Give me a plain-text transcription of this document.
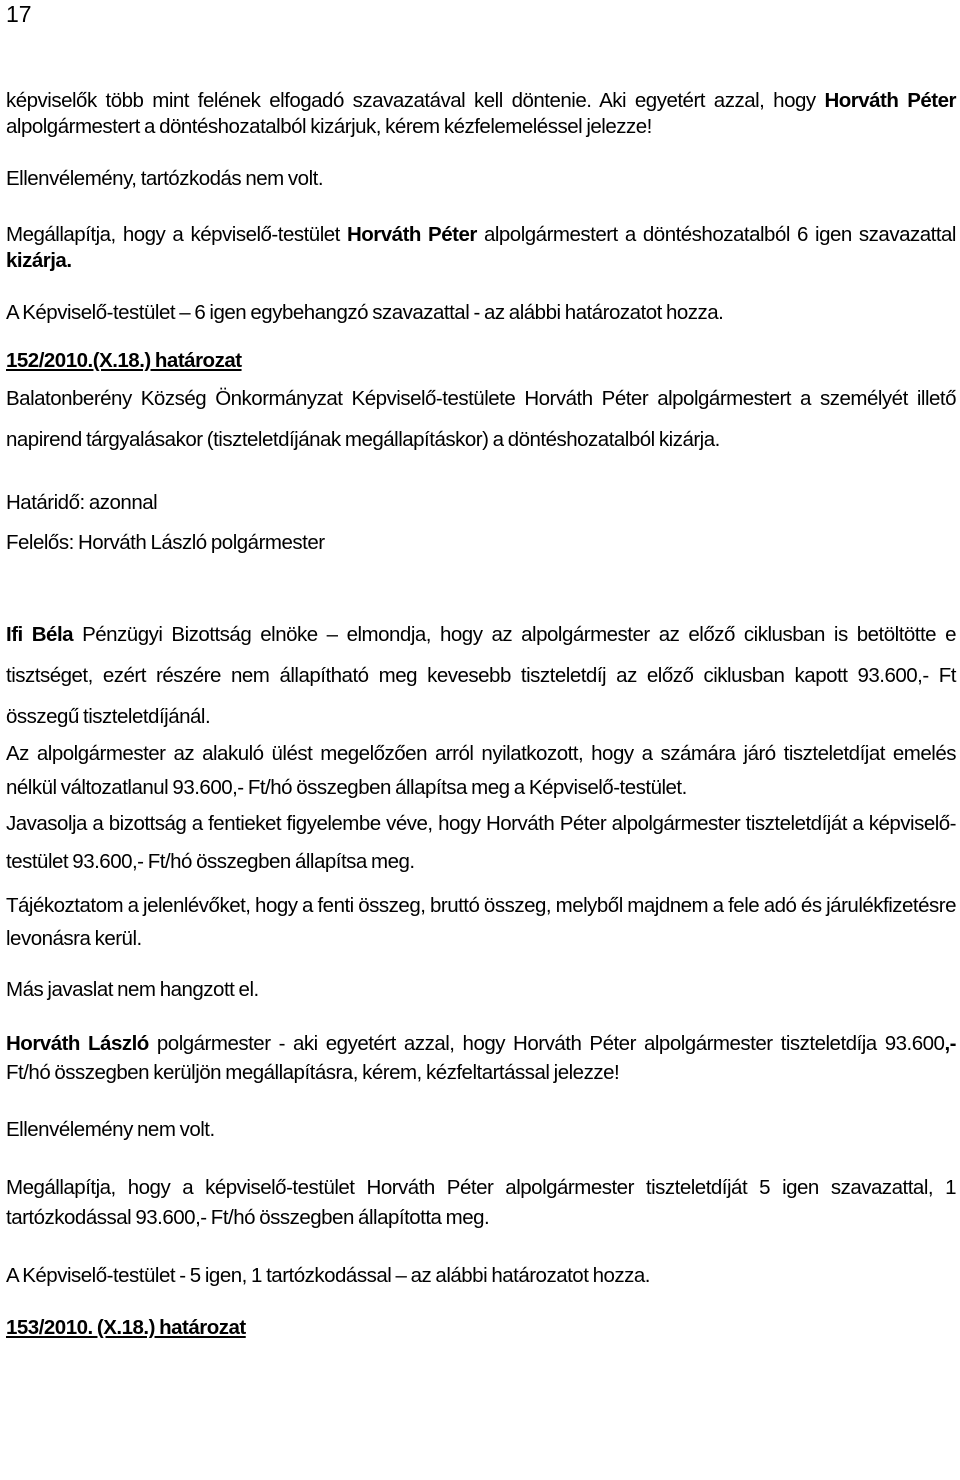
17

képviselők több mint felének elfogadó szavazatával kell döntenie. Aki egyetért azzal, hogy Horváth Péter alpolgármestert a döntéshozatalból kizárjuk, kérem kézfelemeléssel jelezze!

Ellenvélemény, tartózkodás nem volt.

Megállapítja, hogy a képviselő-testület Horváth Péter alpolgármestert a döntéshozatalból 6 igen szavazattal kizárja.

A Képviselő-testület – 6 igen egybehangzó szavazattal - az alábbi határozatot hozza.

152/2010.(X.18.) határozat

Balatonberény Község Önkormányzat Képviselő-testülete Horváth Péter alpolgármestert a személyét illető napirend tárgyalásakor (tiszteletdíjának megállapításkor) a döntéshozatalból kizárja.

Határidő: azonnal

Felelős: Horváth László polgármester

Ifi Béla Pénzügyi Bizottság elnöke – elmondja, hogy az alpolgármester az előző ciklusban is betöltötte e tisztséget, ezért részére nem állapítható meg kevesebb tiszteletdíj az előző ciklusban kapott 93.600,- Ft összegű tiszteletdíjánál.

Az alpolgármester az alakuló ülést megelőzően arról nyilatkozott, hogy a számára járó tiszteletdíjat emelés nélkül változatlanul 93.600,- Ft/hó összegben állapítsa meg a Képviselő-testület.

Javasolja a bizottság a fentieket figyelembe véve, hogy Horváth Péter alpolgármester tiszteletdíját a képviselő-testület 93.600,- Ft/hó összegben állapítsa meg.

Tájékoztatom a jelenlévőket, hogy a fenti összeg, bruttó összeg, melyből majdnem a fele adó és járulékfizetésre levonásra kerül.

Más javaslat nem hangzott el.

Horváth László polgármester - aki egyetért azzal, hogy Horváth Péter alpolgármester tiszteletdíja 93.600,- Ft/hó összegben kerüljön megállapításra, kérem, kézfeltartással jelezze!

Ellenvélemény nem volt.

Megállapítja, hogy a képviselő-testület Horváth Péter alpolgármester tiszteletdíját 5 igen szavazattal, 1 tartózkodással 93.600,- Ft/hó összegben állapította meg.

A Képviselő-testület - 5 igen, 1 tartózkodással – az alábbi határozatot hozza.

153/2010. (X.18.) határozat
